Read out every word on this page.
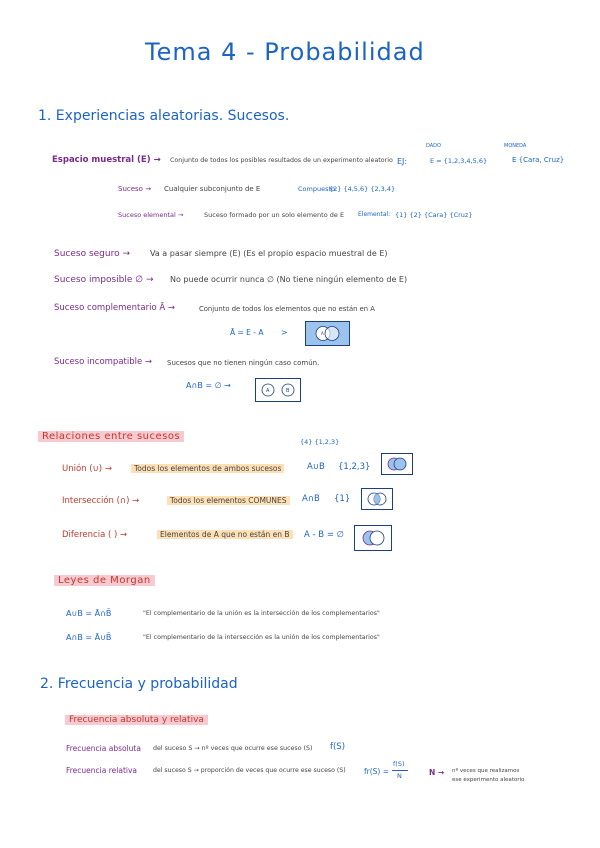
Tema 4 - Probabilidad
1. Experiencias aleatorias. Sucesos.
Espacio muestral (E) → Conjunto de todos los posibles resultados de un experimento aleatorio EJ:
DADO
E = {1,2,3,4,5,6}
MONEDA
E {Cara, Cruz}
Suceso → Cualquier subconjunto de E	Compuesto:
{2} {4,5,6} {2,3,4}
Suceso elemental →	Suceso formado por un solo elemento de E Elemental: {1} {2} {Cara} {Cruz}
Suceso seguro → Va a pasar siempre (E) (Es el propio espacio muestral de E)
Suceso imposible ∅ → No puede ocurrir nunca ∅ (No tiene ningún elemento de E)
Suceso complementario Ā →	Conjunto de todos los elementos que no están en A
Ā = E - A >	A
Suceso incompatible → Sucesos que no tienen ningún caso común.
A∩B = ∅ →
A	B
Relaciones entre sucesos	{4} {1,2,3}
Unión (∪) →	Todos los elementos de ambos sucesos	A∪B {1,2,3}
Intersección (∩) →	Todos los elementos COMUNES	A∩B {1}
Diferencia ( ) →	Elementos de A que no están en B	A - B = ∅
Leyes de Morgan
A∪B = Ā∩B̄	"El complementario de la unión es la intersección de los complementarios"
A∩B = Ā∪B̄	"El complementario de la intersección es la unión de los complementarios"
2. Frecuencia y probabilidad
Frecuencia absoluta y relativa
Frecuencia absoluta del suceso S → nº veces que ocurre ese suceso (S) f(S)
Frecuencia relativa	del suceso S → proporción de veces que ocurre ese suceso (S) fr(S) =
f(S)
N	N → nº veces que realizamos
ese experimento aleatorio
